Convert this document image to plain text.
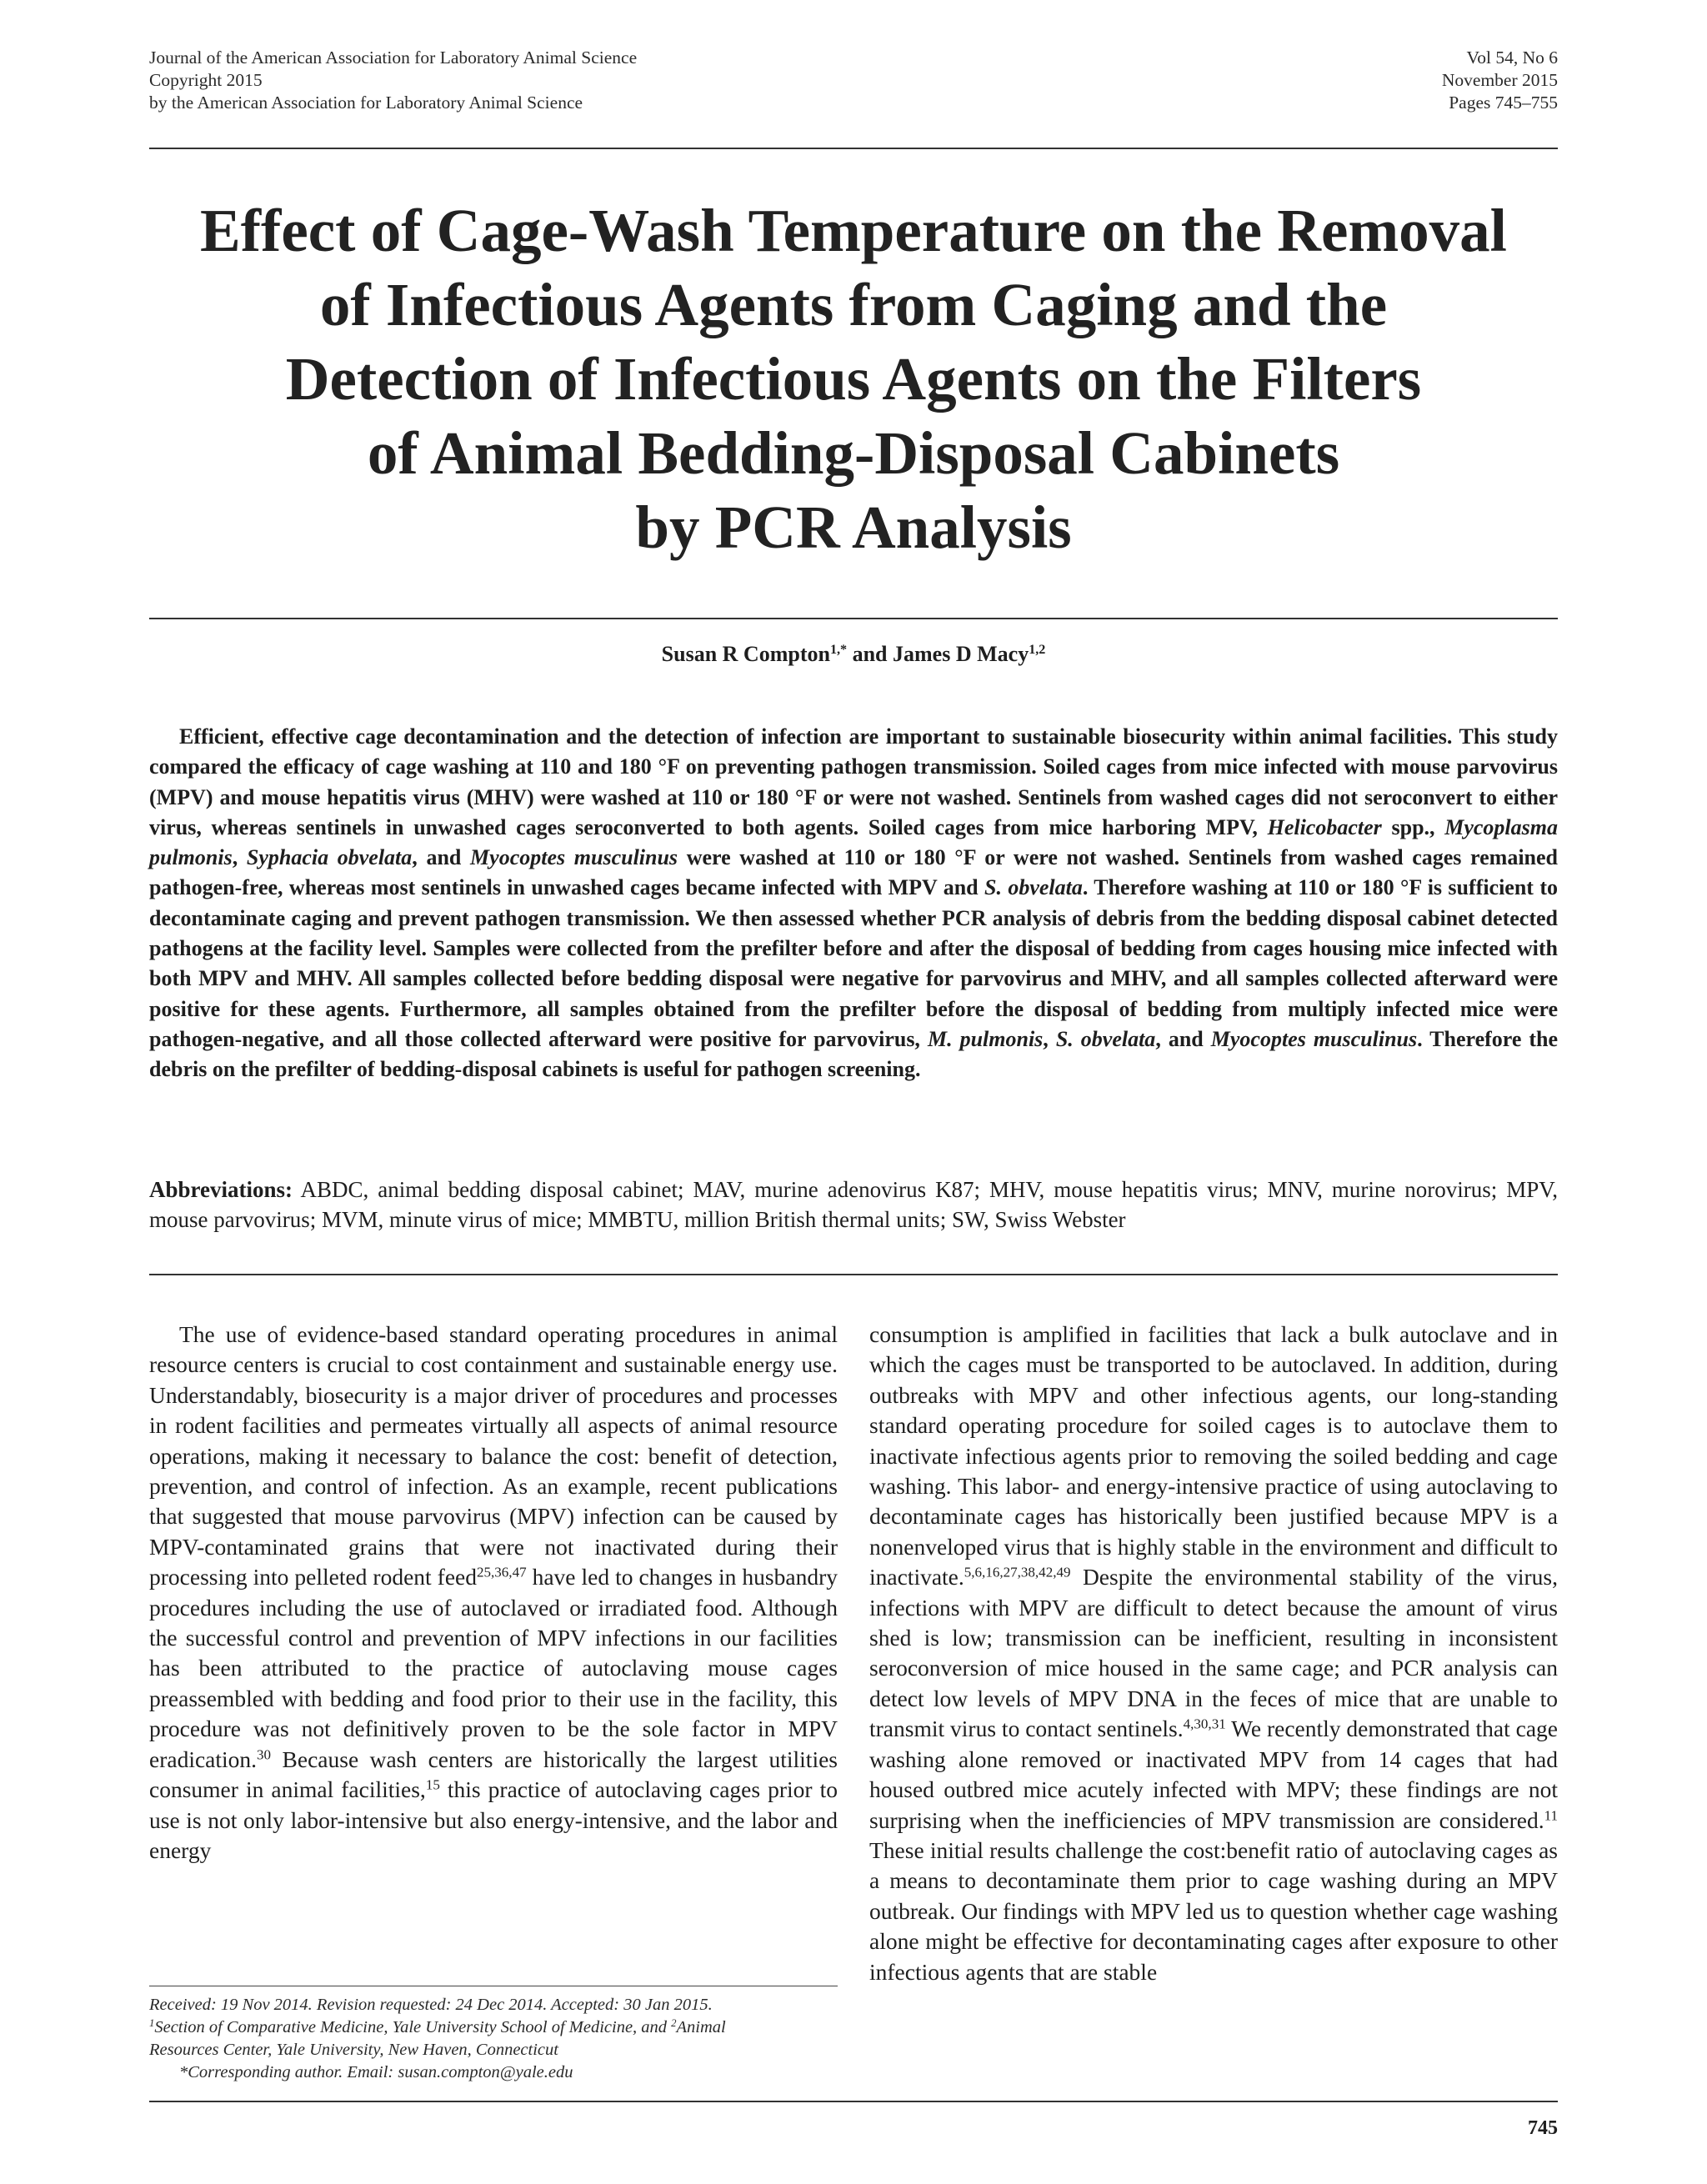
Journal of the American Association for Laboratory Animal Science
Copyright 2015
by the American Association for Laboratory Animal Science
Vol 54, No 6
November 2015
Pages 745–755
Effect of Cage-Wash Temperature on the Removal
of Infectious Agents from Caging and the
Detection of Infectious Agents on the Filters
of Animal Bedding-Disposal Cabinets
by PCR Analysis
Susan R Compton$^{1,*}$ and James D Macy$^{1,2}$

Efficient, effective cage decontamination and the detection of infection are important to sustainable biosecurity within animal facilities. This study compared the efficacy of cage washing at 110 and 180 °F on preventing pathogen transmission. Soiled cages from mice infected with mouse parvovirus (MPV) and mouse hepatitis virus (MHV) were washed at 110 or 180 °F or were not washed. Sentinels from washed cages did not seroconvert to either virus, whereas sentinels in unwashed cages seroconverted to both agents. Soiled cages from mice harboring MPV, Helicobacter spp., Mycoplasma pulmonis, Syphacia obvelata, and Myocoptes musculinus were washed at 110 or 180 °F or were not washed. Sentinels from washed cages remained pathogen-free, whereas most sentinels in unwashed cages became infected with MPV and S. obvelata. Therefore washing at 110 or 180 °F is sufficient to decontaminate caging and prevent pathogen transmission. We then assessed whether PCR analysis of debris from the bedding disposal cabinet detected pathogens at the facility level. Samples were collected from the prefilter before and after the disposal of bedding from cages housing mice infected with both MPV and MHV. All samples collected before bedding disposal were negative for parvovirus and MHV, and all samples collected afterward were positive for these agents. Furthermore, all samples obtained from the prefilter before the disposal of bedding from multiply infected mice were pathogen-negative, and all those collected afterward were positive for parvovirus, M. pulmonis, S. obvelata, and Myocoptes musculinus. Therefore the debris on the prefilter of bedding-disposal cabinets is useful for pathogen screening.

Abbreviations: ABDC, animal bedding disposal cabinet; MAV, murine adenovirus K87; MHV, mouse hepatitis virus; MNV, murine norovirus; MPV, mouse parvovirus; MVM, minute virus of mice; MMBTU, million British thermal units; SW, Swiss Webster

The use of evidence-based standard operating procedures in animal resource centers is crucial to cost containment and sustainable energy use. Understandably, biosecurity is a major driver of procedures and processes in rodent facilities and permeates virtually all aspects of animal resource operations, making it necessary to balance the cost: benefit of detection, prevention, and control of infection. As an example, recent publications that suggested that mouse parvovirus (MPV) infection can be caused by MPV-contaminated grains that were not inactivated during their processing into pelleted rodent feed$^{25,36,47}$ have led to changes in husbandry procedures including the use of autoclaved or irradiated food. Although the successful control and prevention of MPV infections in our facilities has been attributed to the practice of autoclaving mouse cages preassembled with bedding and food prior to their use in the facility, this procedure was not definitively proven to be the sole factor in MPV eradication.$^{30}$ Because wash centers are historically the largest utilities consumer in animal facilities,$^{15}$ this practice of autoclaving cages prior to use is not only labor-intensive but also energy-intensive, and the labor and energy

consumption is amplified in facilities that lack a bulk autoclave and in which the cages must be transported to be autoclaved. In addition, during outbreaks with MPV and other infectious agents, our long-standing standard operating procedure for soiled cages is to autoclave them to inactivate infectious agents prior to removing the soiled bedding and cage washing. This labor- and energy-intensive practice of using autoclaving to decontaminate cages has historically been justified because MPV is a nonenveloped virus that is highly stable in the environment and difficult to inactivate.$^{5,6,16,27,38,42,49}$ Despite the environmental stability of the virus, infections with MPV are difficult to detect because the amount of virus shed is low; transmission can be inefficient, resulting in inconsistent seroconversion of mice housed in the same cage; and PCR analysis can detect low levels of MPV DNA in the feces of mice that are unable to transmit virus to contact sentinels.$^{4,30,31}$ We recently demonstrated that cage washing alone removed or inactivated MPV from 14 cages that had housed outbred mice acutely infected with MPV; these findings are not surprising when the inefficiencies of MPV transmission are considered.$^{11}$ These initial results challenge the cost:benefit ratio of autoclaving cages as a means to decontaminate them prior to cage washing during an MPV outbreak. Our findings with MPV led us to question whether cage washing alone might be effective for decontaminating cages after exposure to other infectious agents that are stable

Received: 19 Nov 2014. Revision requested: 24 Dec 2014. Accepted: 30 Jan 2015.
$^1$Section of Comparative Medicine, Yale University School of Medicine, and $^2$Animal
Resources Center, Yale University, New Haven, Connecticut
*Corresponding author. Email: susan.compton@yale.edu
745
